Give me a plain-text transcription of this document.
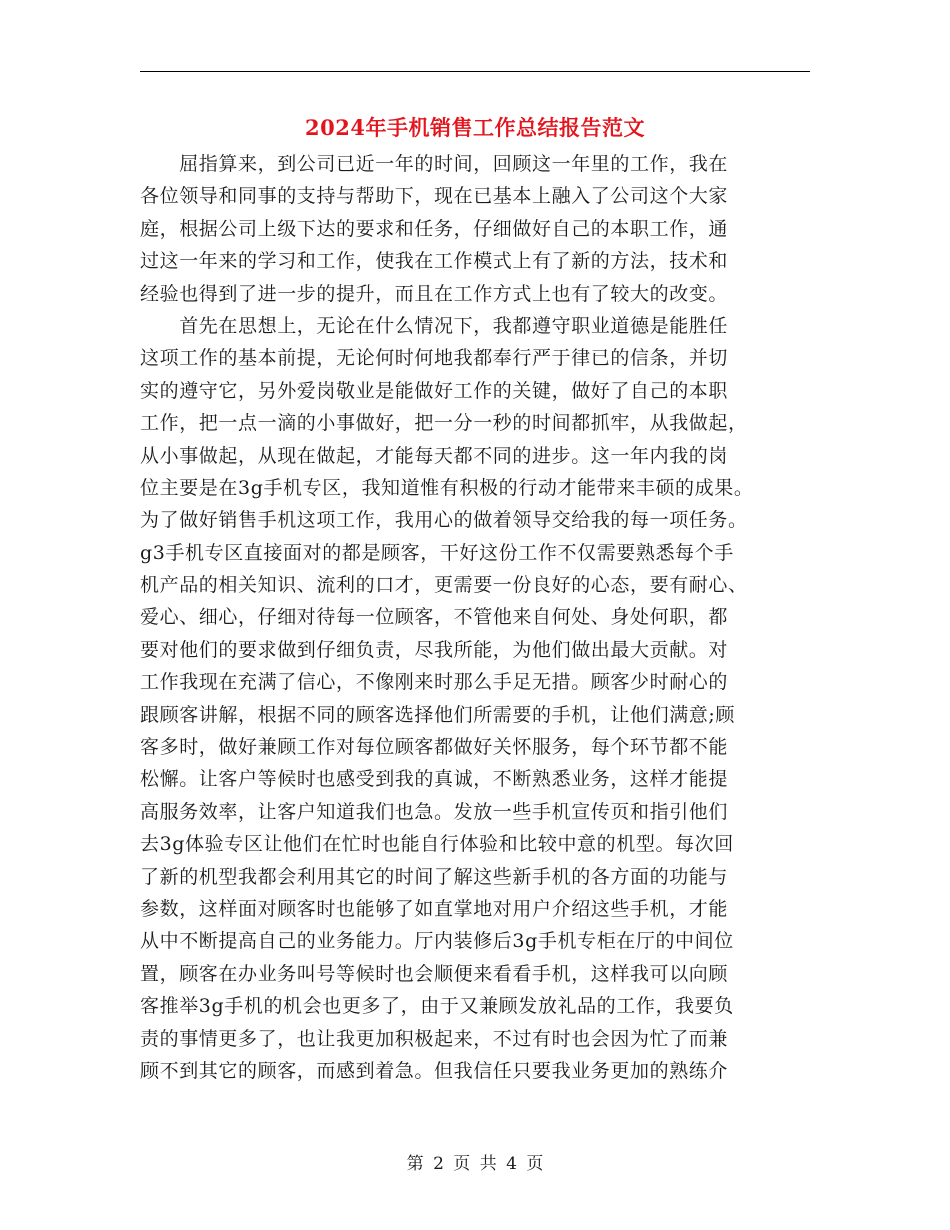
2024年手机销售工作总结报告范文
　　屈指算来，到公司已近一年的时间，回顾这一年里的工作，我在
各位领导和同事的支持与帮助下，现在已基本上融入了公司这个大家
庭，根据公司上级下达的要求和任务，仔细做好自己的本职工作，通
过这一年来的学习和工作，使我在工作模式上有了新的方法，技术和
经验也得到了进一步的提升，而且在工作方式上也有了较大的改变。
　　首先在思想上，无论在什么情况下，我都遵守职业道德是能胜任
这项工作的基本前提，无论何时何地我都奉行严于律已的信条，并切
实的遵守它，另外爱岗敬业是能做好工作的关键，做好了自己的本职
工作，把一点一滴的小事做好，把一分一秒的时间都抓牢，从我做起，
从小事做起，从现在做起，才能每天都不同的进步。这一年内我的岗
位主要是在3g手机专区，我知道惟有积极的行动才能带来丰硕的成果。
为了做好销售手机这项工作，我用心的做着领导交给我的每一项任务。
g3手机专区直接面对的都是顾客，干好这份工作不仅需要熟悉每个手
机产品的相关知识、流利的口才，更需要一份良好的心态，要有耐心、
爱心、细心，仔细对待每一位顾客，不管他来自何处、身处何职，都
要对他们的要求做到仔细负责，尽我所能，为他们做出最大贡献。对
工作我现在充满了信心，不像刚来时那么手足无措。顾客少时耐心的
跟顾客讲解，根据不同的顾客选择他们所需要的手机，让他们满意;顾
客多时，做好兼顾工作对每位顾客都做好关怀服务，每个环节都不能
松懈。让客户等候时也感受到我的真诚，不断熟悉业务，这样才能提
高服务效率，让客户知道我们也急。发放一些手机宣传页和指引他们
去3g体验专区让他们在忙时也能自行体验和比较中意的机型。每次回
了新的机型我都会利用其它的时间了解这些新手机的各方面的功能与
参数，这样面对顾客时也能够了如直掌地对用户介绍这些手机，才能
从中不断提高自己的业务能力。厅内装修后3g手机专柜在厅的中间位
置，顾客在办业务叫号等候时也会顺便来看看手机，这样我可以向顾
客推举3g手机的机会也更多了，由于又兼顾发放礼品的工作，我要负
责的事情更多了，也让我更加积极起来，不过有时也会因为忙了而兼
顾不到其它的顾客，而感到着急。但我信任只要我业务更加的熟练介
第 2 页 共 4 页
